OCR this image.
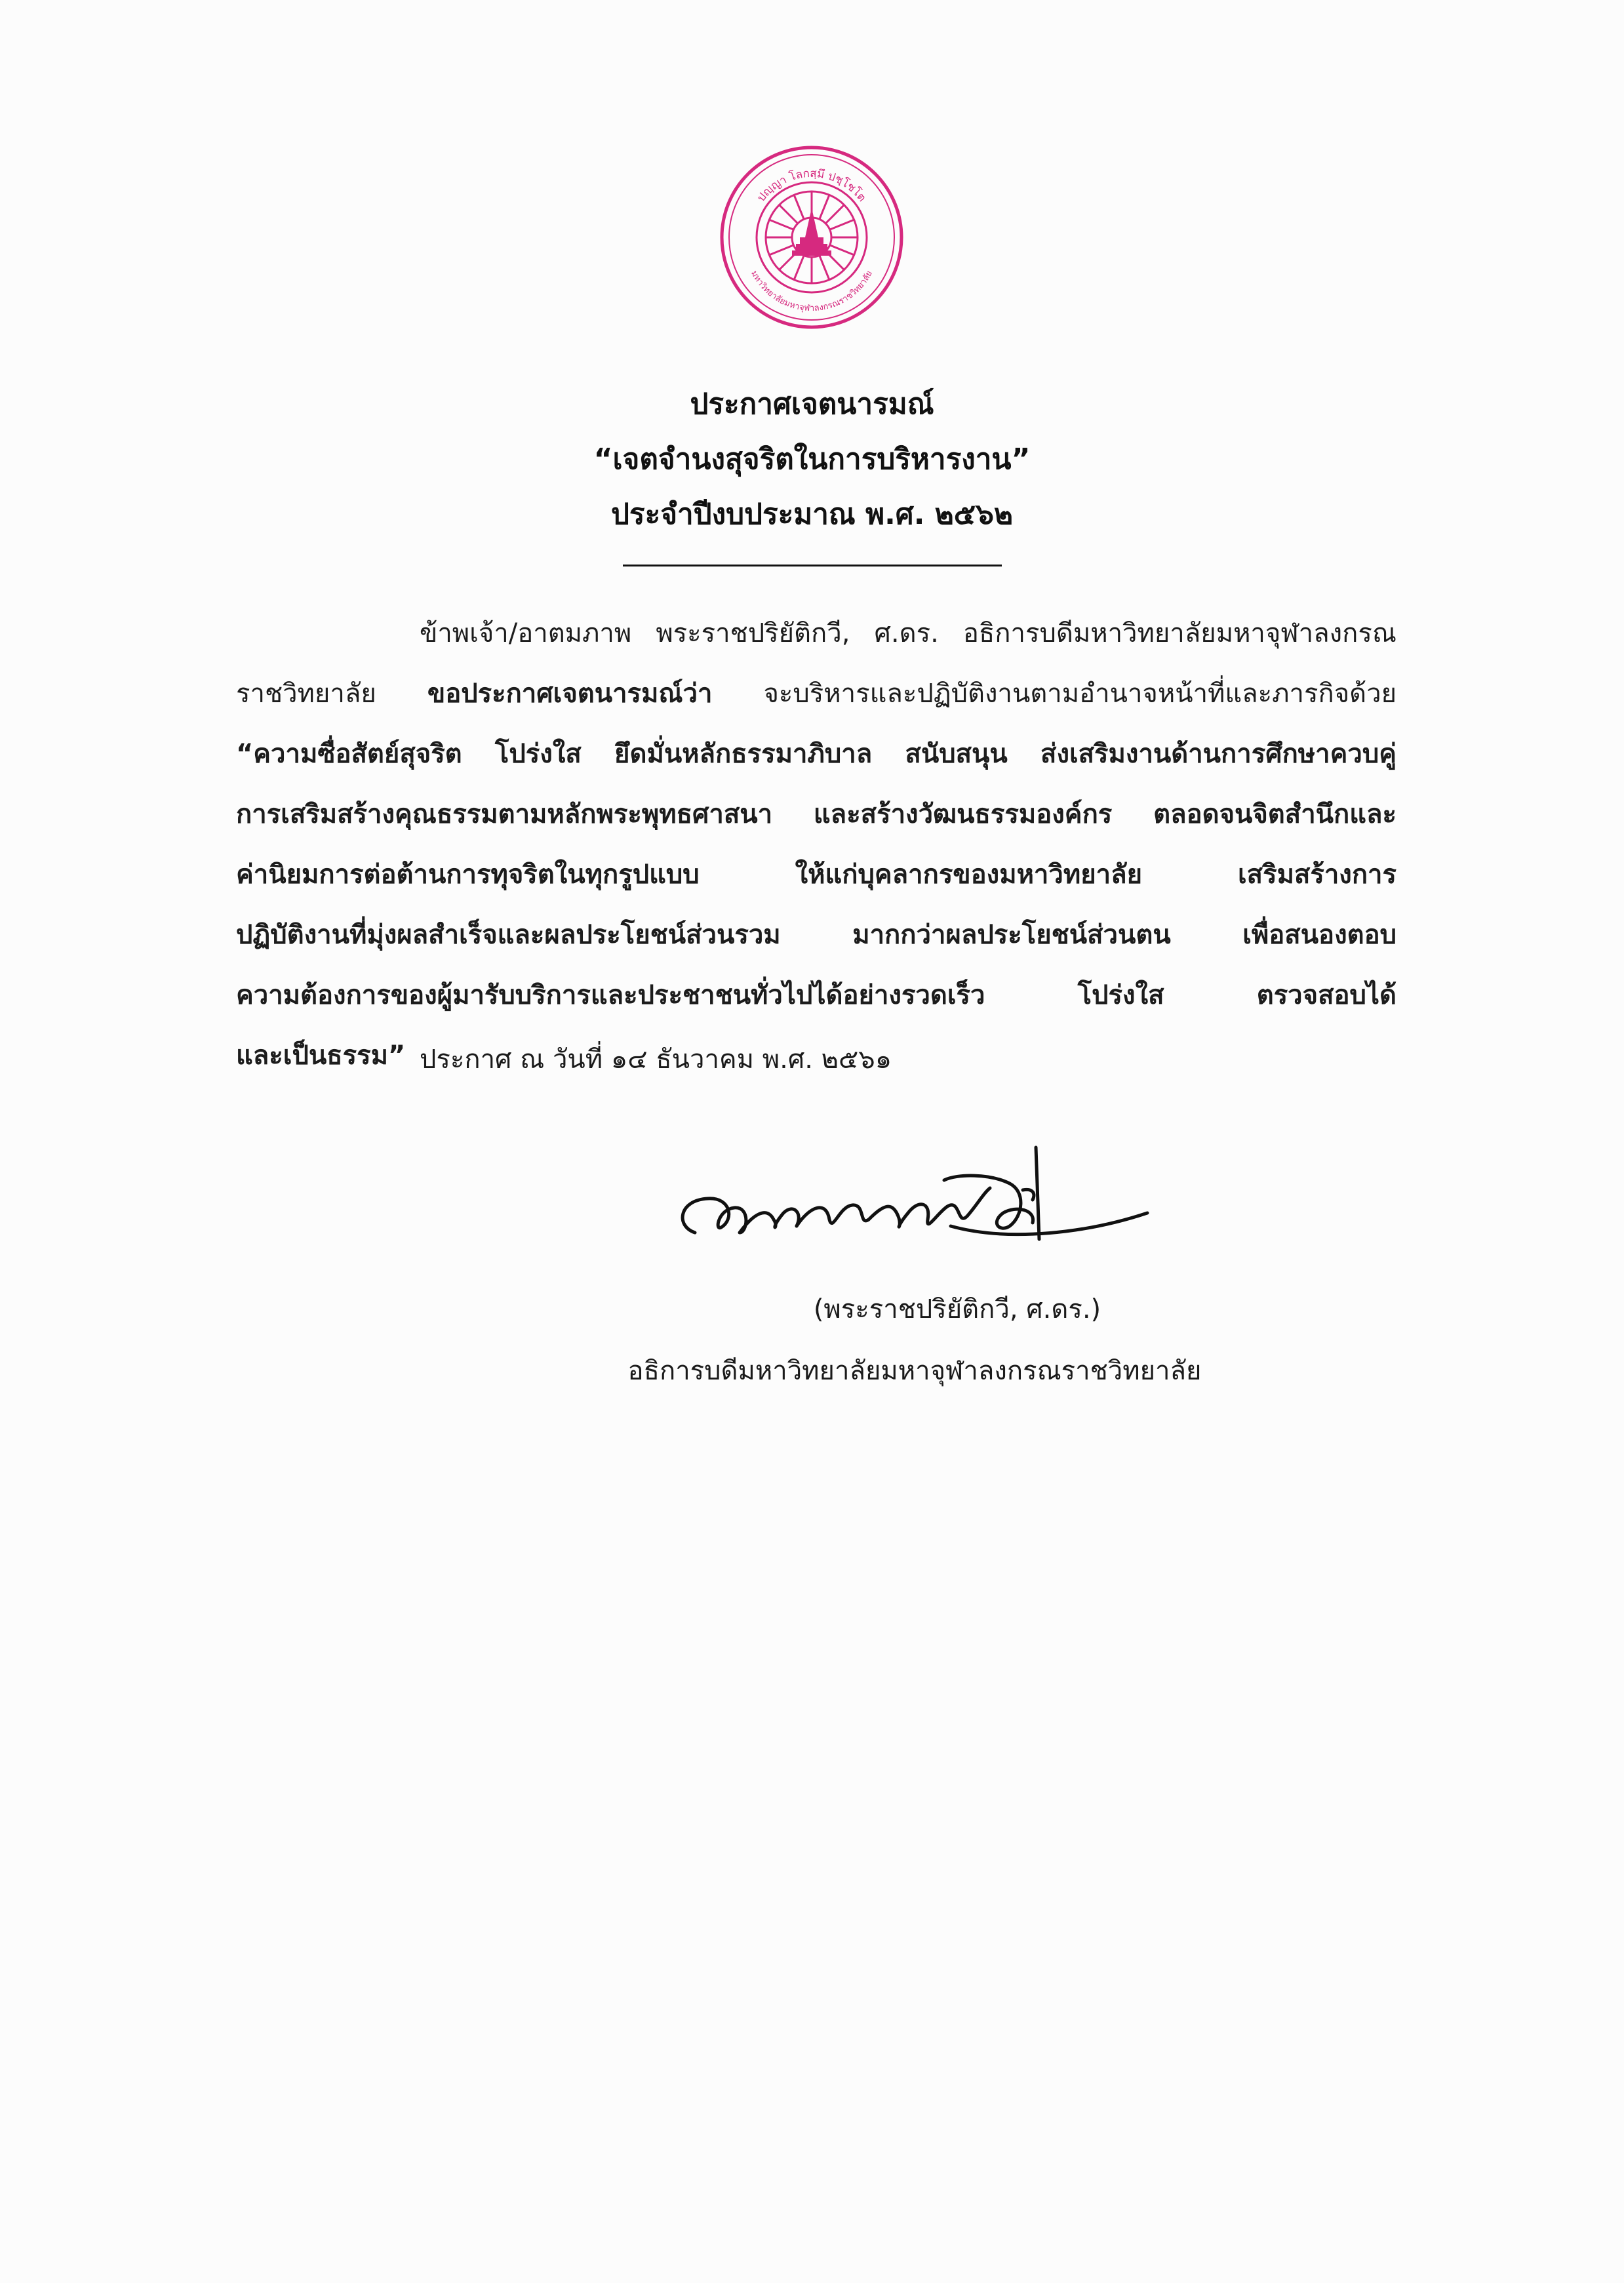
ปญฺญา โลกสฺมึ ปชฺโชโต
มหาวิทยาลัยมหาจุฬาลงกรณราชวิทยาลัย
ประกาศเจตนารมณ์
“เจตจำนงสุจริตในการบริหารงาน”
ประจำปีงบประมาณ พ.ศ. ๒๕๖๒
ข้าพเจ้า/อาตมภาพ พระราชปริยัติกวี, ศ.ดร. อธิการบดีมหาวิทยาลัยมหาจุฬาลงกรณ
ราชวิทยาลัย ขอประกาศเจตนารมณ์ว่า จะบริหารและปฏิบัติงานตามอำนาจหน้าที่และภารกิจด้วย
“ความซื่อสัตย์สุจริต โปร่งใส ยึดมั่นหลักธรรมาภิบาล สนับสนุน ส่งเสริมงานด้านการศึกษาควบคู่
การเสริมสร้างคุณธรรมตามหลักพระพุทธศาสนา และสร้างวัฒนธรรมองค์กร ตลอดจนจิตสำนึกและ
ค่านิยมการต่อต้านการทุจริตในทุกรูปแบบ ให้แก่บุคลากรของมหาวิทยาลัย เสริมสร้างการ
ปฏิบัติงานที่มุ่งผลสำเร็จและผลประโยชน์ส่วนรวม มากกว่าผลประโยชน์ส่วนตน เพื่อสนองตอบ
ความต้องการของผู้มารับบริการและประชาชนทั่วไปได้อย่างรวดเร็ว โปร่งใส ตรวจสอบได้
และเป็นธรรม” ประกาศ ณ วันที่ ๑๔ ธันวาคม พ.ศ. ๒๕๖๑
(พระราชปริยัติกวี, ศ.ดร.)
อธิการบดีมหาวิทยาลัยมหาจุฬาลงกรณราชวิทยาลัย
